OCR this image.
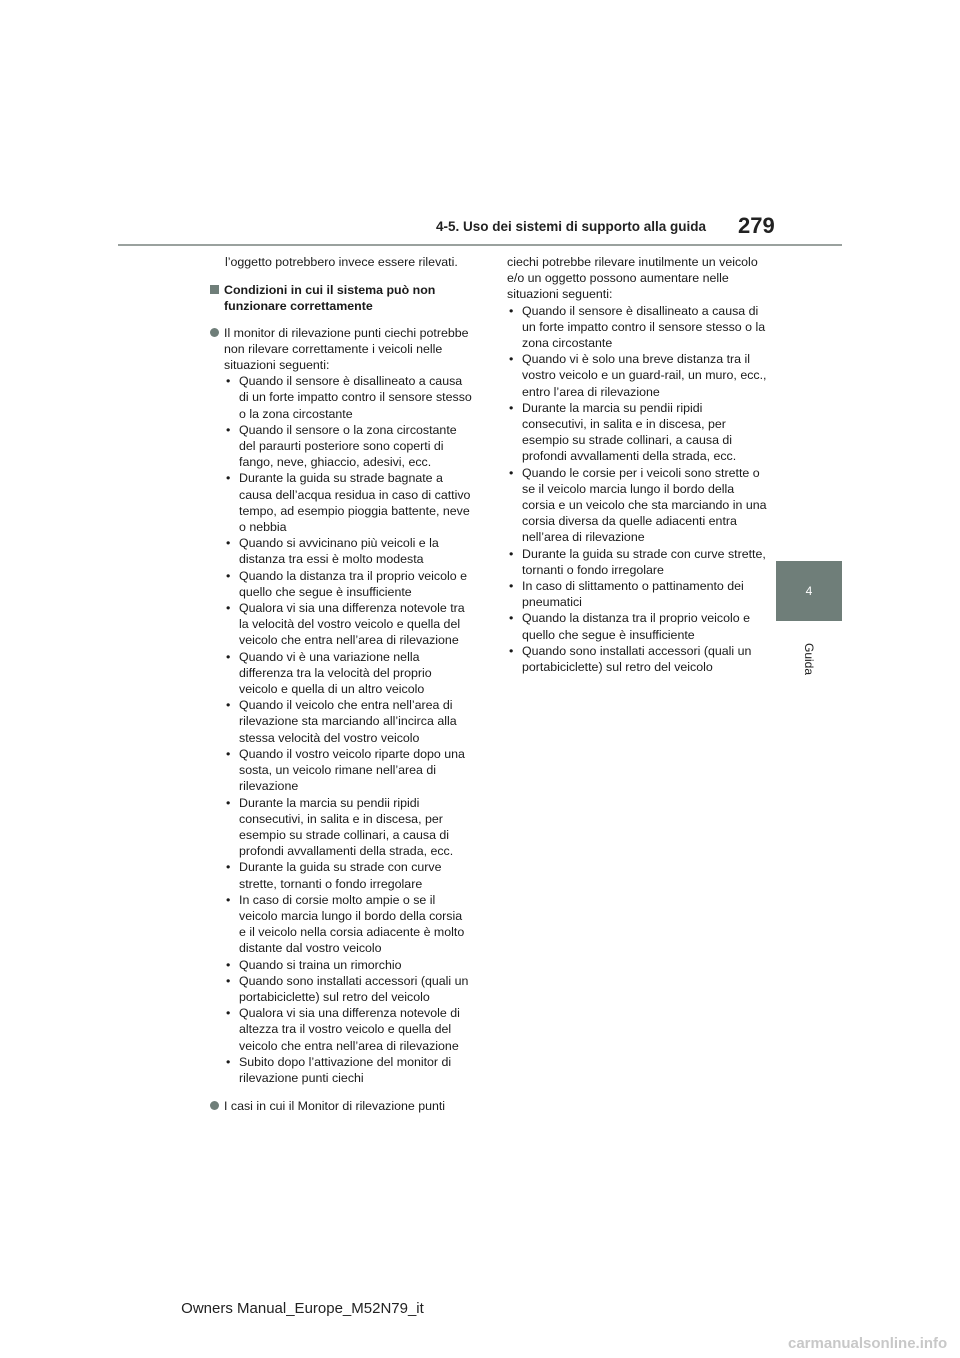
4-5. Uso dei sistemi di supporto alla guida 279
4
Guida

l’oggetto potrebbero invece essere rilevati.

Condizioni in cui il sistema può non funzionare correttamente
Il monitor di rilevazione punti ciechi potrebbe non rilevare correttamente i veicoli nelle situazioni seguenti:
• Quando il sensore è disallineato a causa di un forte impatto contro il sensore stesso o la zona circostante
• Quando il sensore o la zona circostante del paraurti posteriore sono coperti di fango, neve, ghiaccio, adesivi, ecc.
• Durante la guida su strade bagnate a causa dell’acqua residua in caso di cattivo tempo, ad esempio pioggia battente, neve o nebbia
• Quando si avvicinano più veicoli e la distanza tra essi è molto modesta
• Quando la distanza tra il proprio veicolo e quello che segue è insufficiente
• Qualora vi sia una differenza notevole tra la velocità del vostro veicolo e quella del veicolo che entra nell’area di rilevazione
• Quando vi è una variazione nella differenza tra la velocità del proprio veicolo e quella di un altro veicolo
• Quando il veicolo che entra nell’area di rilevazione sta marciando all’incirca alla stessa velocità del vostro veicolo
• Quando il vostro veicolo riparte dopo una sosta, un veicolo rimane nell’area di rilevazione
• Durante la marcia su pendii ripidi consecutivi, in salita e in discesa, per esempio su strade collinari, a causa di profondi avvallamenti della strada, ecc.
• Durante la guida su strade con curve strette, tornanti o fondo irregolare
• In caso di corsie molto ampie o se il veicolo marcia lungo il bordo della corsia e il veicolo nella corsia adiacente è molto distante dal vostro veicolo
• Quando si traina un rimorchio
• Quando sono installati accessori (quali un portabiciclette) sul retro del veicolo
• Qualora vi sia una differenza notevole di altezza tra il vostro veicolo e quella del veicolo che entra nell’area di rilevazione
• Subito dopo l’attivazione del monitor di rilevazione punti ciechi
I casi in cui il Monitor di rilevazione punti
ciechi potrebbe rilevare inutilmente un veicolo e/o un oggetto possono aumentare nelle situazioni seguenti:
• Quando il sensore è disallineato a causa di un forte impatto contro il sensore stesso o la zona circostante
• Quando vi è solo una breve distanza tra il vostro veicolo e un guard-rail, un muro, ecc., entro l’area di rilevazione
• Durante la marcia su pendii ripidi consecutivi, in salita e in discesa, per esempio su strade collinari, a causa di profondi avvallamenti della strada, ecc.
• Quando le corsie per i veicoli sono strette o se il veicolo marcia lungo il bordo della corsia e un veicolo che sta marciando in una corsia diversa da quelle adiacenti entra nell’area di rilevazione
• Durante la guida su strade con curve strette, tornanti o fondo irregolare
• In caso di slittamento o pattinamento dei pneumatici
• Quando la distanza tra il proprio veicolo e quello che segue è insufficiente
• Quando sono installati accessori (quali un portabiciclette) sul retro del veicolo
Owners Manual_Europe_M52N79_it
carmanualsonline.info
